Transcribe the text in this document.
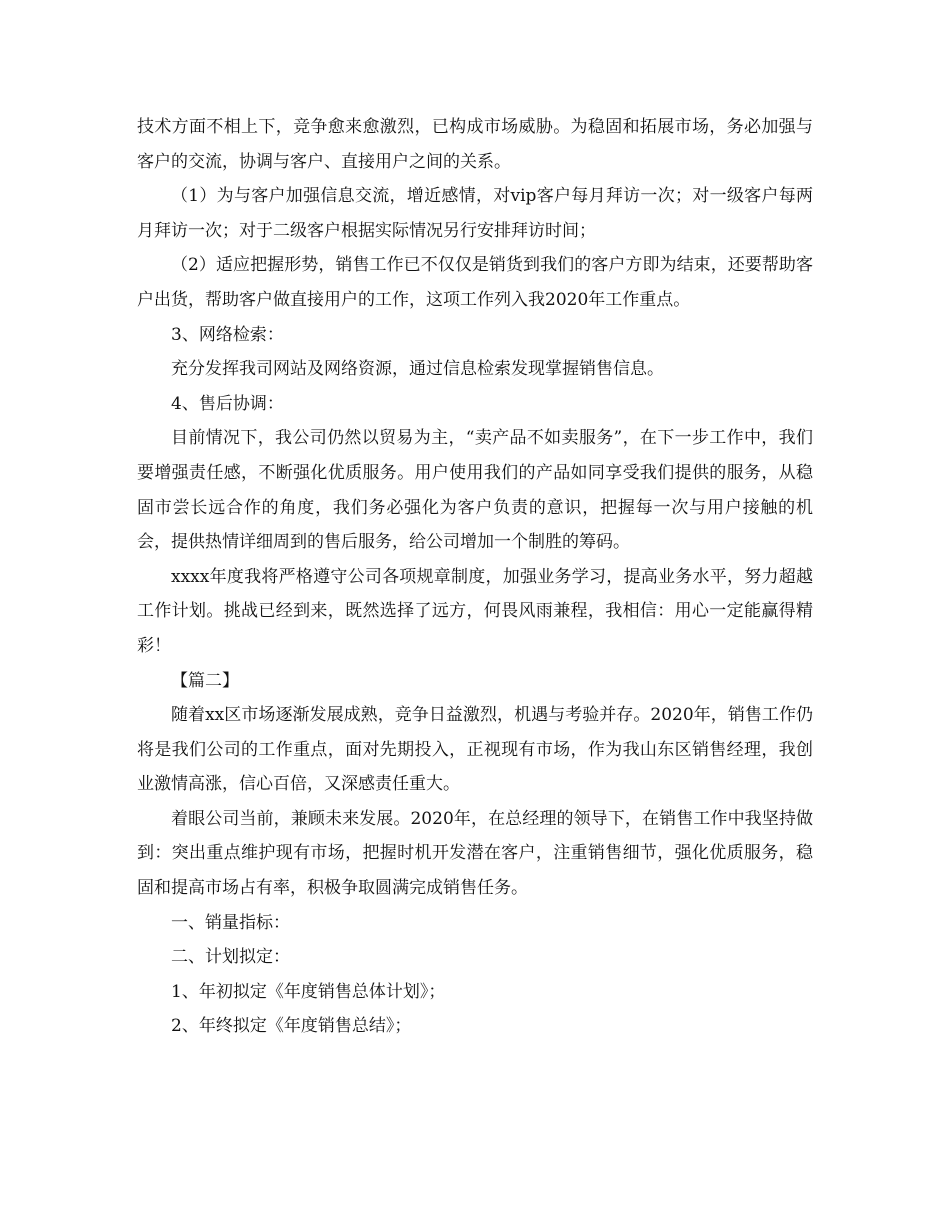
技术方面不相上下，竞争愈来愈激烈，已构成市场威胁。为稳固和拓展市场，务必加强与客户的交流，协调与客户、直接用户之间的关系。

（1）为与客户加强信息交流，增近感情，对vip客户每月拜访一次；对一级客户每两月拜访一次；对于二级客户根据实际情况另行安排拜访时间；

（2）适应把握形势，销售工作已不仅仅是销货到我们的客户方即为结束，还要帮助客户出货，帮助客户做直接用户的工作，这项工作列入我2020年工作重点。

3、网络检索：

充分发挥我司网站及网络资源，通过信息检索发现掌握销售信息。

4、售后协调：

目前情况下，我公司仍然以贸易为主，“卖产品不如卖服务”，在下一步工作中，我们要增强责任感，不断强化优质服务。用户使用我们的产品如同享受我们提供的服务，从稳固市尝长远合作的角度，我们务必强化为客户负责的意识，把握每一次与用户接触的机会，提供热情详细周到的售后服务，给公司增加一个制胜的筹码。

xxxx年度我将严格遵守公司各项规章制度，加强业务学习，提高业务水平，努力超越工作计划。挑战已经到来，既然选择了远方，何畏风雨兼程，我相信：用心一定能赢得精彩！

【篇二】

随着xx区市场逐渐发展成熟，竞争日益激烈，机遇与考验并存。2020年，销售工作仍将是我们公司的工作重点，面对先期投入，正视现有市场，作为我山东区销售经理，我创业激情高涨，信心百倍，又深感责任重大。

着眼公司当前，兼顾未来发展。2020年，在总经理的领导下，在销售工作中我坚持做到：突出重点维护现有市场，把握时机开发潜在客户，注重销售细节，强化优质服务，稳固和提高市场占有率，积极争取圆满完成销售任务。

一、销量指标：

二、计划拟定：

1、年初拟定《年度销售总体计划》；

2、年终拟定《年度销售总结》；
